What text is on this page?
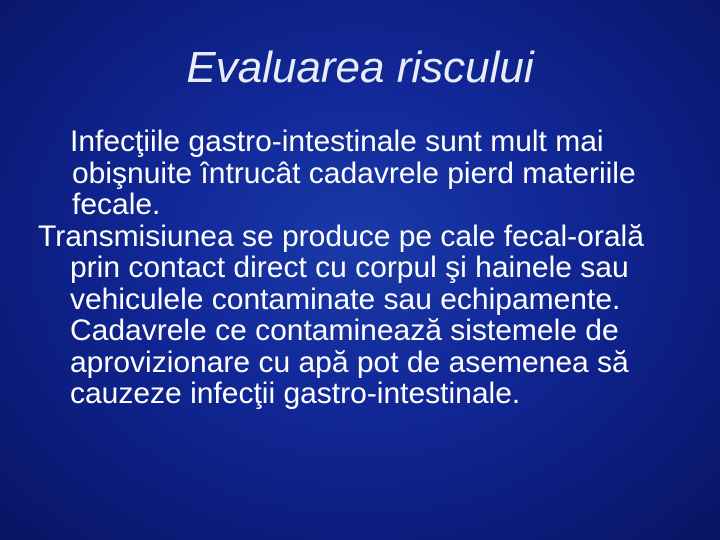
Evaluarea riscului

Infecţiile gastro-intestinale sunt mult mai obişnuite întrucât cadavrele pierd materiile fecale.

Transmisiunea se produce pe cale fecal-orală prin contact direct cu corpul şi hainele sau vehiculele contaminate sau echipamente. Cadavrele ce contaminează sistemele de aprovizionare cu apă pot de asemenea să cauzeze infecţii gastro-intestinale.
